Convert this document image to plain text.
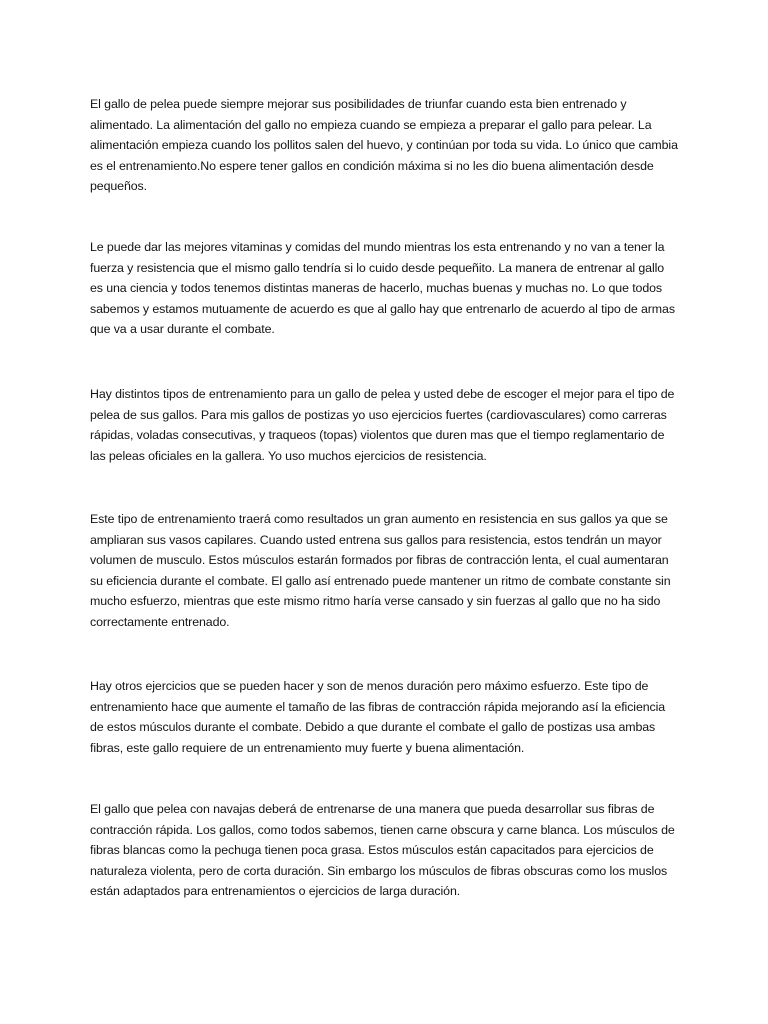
El gallo de pelea puede siempre mejorar sus posibilidades de triunfar cuando esta bien entrenado y alimentado. La alimentación del gallo no empieza cuando se empieza a preparar el gallo para pelear. La alimentación empieza cuando los pollitos salen del huevo, y continúan por toda su vida. Lo único que cambia es el entrenamiento.No espere tener gallos en condición máxima si no les dio buena alimentación desde pequeños.

Le puede dar las mejores vitaminas y comidas del mundo mientras los esta entrenando y no van a tener la fuerza y resistencia que el mismo gallo tendría si lo cuido desde pequeñito. La manera de entrenar al gallo es una ciencia y todos tenemos distintas maneras de hacerlo, muchas buenas y muchas no. Lo que todos sabemos y estamos mutuamente de acuerdo es que al gallo hay que entrenarlo de acuerdo al tipo de armas que va a usar durante el combate.

Hay distintos tipos de entrenamiento para un gallo de pelea y usted debe de escoger el mejor para el tipo de pelea de sus gallos. Para mis gallos de postizas yo uso ejercicios fuertes (cardiovasculares) como carreras rápidas, voladas consecutivas, y traqueos (topas) violentos que duren mas que el tiempo reglamentario de las peleas oficiales en la gallera. Yo uso muchos ejercicios de resistencia.

Este tipo de entrenamiento traerá como resultados un gran aumento en resistencia en sus gallos ya que se ampliaran sus vasos capilares. Cuando usted entrena sus gallos para resistencia, estos tendrán un mayor volumen de musculo. Estos músculos estarán formados por fibras de contracción lenta, el cual aumentaran su eficiencia durante el combate. El gallo así entrenado puede mantener un ritmo de combate constante sin mucho esfuerzo, mientras que este mismo ritmo haría verse cansado y sin fuerzas al gallo que no ha sido correctamente entrenado.

Hay otros ejercicios que se pueden hacer y son de menos duración pero máximo esfuerzo. Este tipo de entrenamiento hace que aumente el tamaño de las fibras de contracción rápida mejorando así la eficiencia de estos músculos durante el combate. Debido a que durante el combate el gallo de postizas usa ambas fibras, este gallo requiere de un entrenamiento muy fuerte y buena alimentación.

El gallo que pelea con navajas deberá de entrenarse de una manera que pueda desarrollar sus fibras de contracción rápida. Los gallos, como todos sabemos, tienen carne obscura y carne blanca. Los músculos de fibras blancas como la pechuga tienen poca grasa. Estos músculos están capacitados para ejercicios de naturaleza violenta, pero de corta duración. Sin embargo los músculos de fibras obscuras como los muslos están adaptados para entrenamientos o ejercicios de larga duración.
